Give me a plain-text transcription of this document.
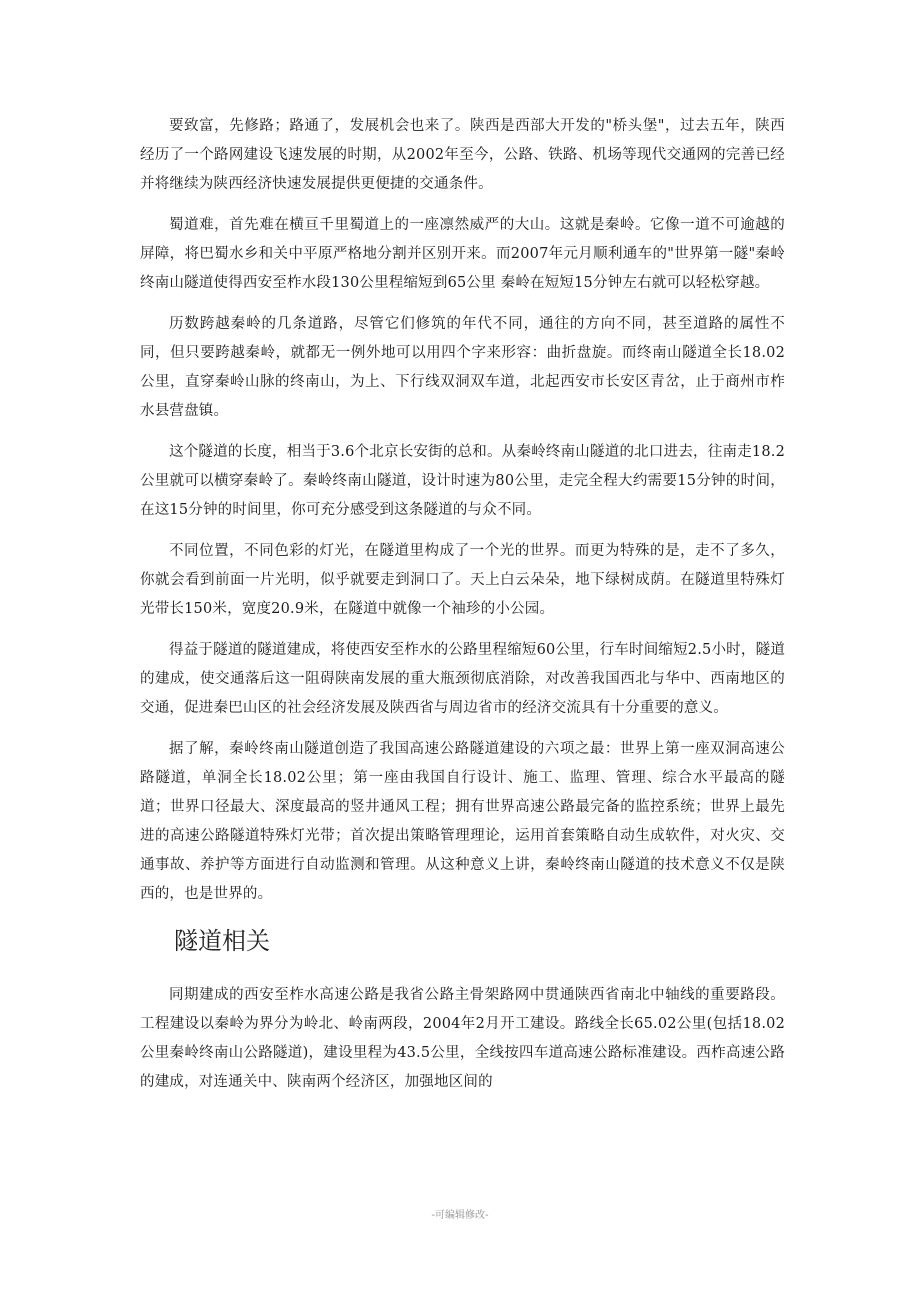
要致富，先修路；路通了，发展机会也来了。陕西是西部大开发的"桥头堡"，过去五年，陕西经历了一个路网建设飞速发展的时期，从2002年至今，公路、铁路、机场等现代交通网的完善已经并将继续为陕西经济快速发展提供更便捷的交通条件。

蜀道难，首先难在横亘千里蜀道上的一座凛然威严的大山。这就是秦岭。它像一道不可逾越的屏障，将巴蜀水乡和关中平原严格地分割并区别开来。而2007年元月顺利通车的"世界第一隧"秦岭终南山隧道使得西安至柞水段130公里程缩短到65公里 秦岭在短短15分钟左右就可以轻松穿越。

历数跨越秦岭的几条道路，尽管它们修筑的年代不同，通往的方向不同，甚至道路的属性不同，但只要跨越秦岭，就都无一例外地可以用四个字来形容：曲折盘旋。而终南山隧道全长18.02公里，直穿秦岭山脉的终南山，为上、下行线双洞双车道，北起西安市长安区青岔，止于商州市柞水县营盘镇。

这个隧道的长度，相当于3.6个北京长安街的总和。从秦岭终南山隧道的北口进去，往南走18.2公里就可以横穿秦岭了。秦岭终南山隧道，设计时速为80公里，走完全程大约需要15分钟的时间，在这15分钟的时间里，你可充分感受到这条隧道的与众不同。

不同位置，不同色彩的灯光，在隧道里构成了一个光的世界。而更为特殊的是，走不了多久，你就会看到前面一片光明，似乎就要走到洞口了。天上白云朵朵，地下绿树成荫。在隧道里特殊灯光带长150米，宽度20.9米，在隧道中就像一个袖珍的小公园。

得益于隧道的隧道建成，将使西安至柞水的公路里程缩短60公里，行车时间缩短2.5小时，隧道的建成，使交通落后这一阻碍陕南发展的重大瓶颈彻底消除，对改善我国西北与华中、西南地区的交通，促进秦巴山区的社会经济发展及陕西省与周边省市的经济交流具有十分重要的意义。

据了解，秦岭终南山隧道创造了我国高速公路隧道建设的六项之最：世界上第一座双洞高速公路隧道，单洞全长18.02公里；第一座由我国自行设计、施工、监理、管理、综合水平最高的隧道；世界口径最大、深度最高的竖井通风工程；拥有世界高速公路最完备的监控系统；世界上最先进的高速公路隧道特殊灯光带；首次提出策略管理理论，运用首套策略自动生成软件，对火灾、交通事故、养护等方面进行自动监测和管理。从这种意义上讲，秦岭终南山隧道的技术意义不仅是陕西的，也是世界的。

隧道相关

同期建成的西安至柞水高速公路是我省公路主骨架路网中贯通陕西省南北中轴线的重要路段。工程建设以秦岭为界分为岭北、岭南两段，2004年2月开工建设。路线全长65.02公里(包括18.02公里秦岭终南山公路隧道)，建设里程为43.5公里，全线按四车道高速公路标准建设。西柞高速公路的建成，对连通关中、陕南两个经济区，加强地区间的

-可编辑修改-
